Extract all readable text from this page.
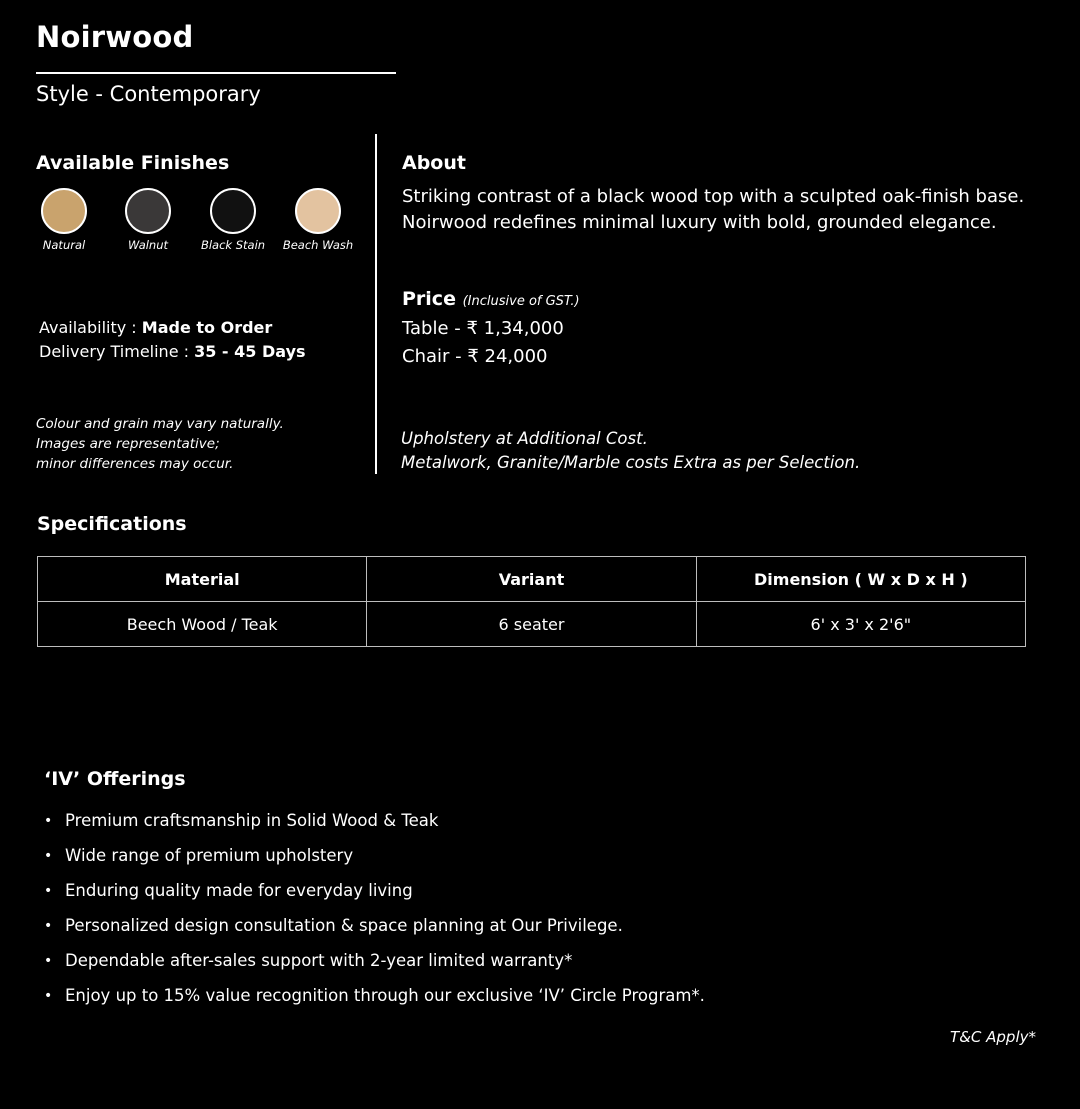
Noirwood
Style - Contemporary
Available Finishes
Natural	Walnut	Black Stain	Beach Wash
Availability : Made to Order
Delivery Timeline : 35 - 45 Days
Colour and grain may vary naturally.
Images are representative;
minor differences may occur.
About
Striking contrast of a black wood top with a sculpted oak-finish base. Noirwood redefines minimal luxury with bold, grounded elegance.
Price (Inclusive of GST.)
Table - ₹ 1,34,000
Chair - ₹ 24,000
Upholstery at Additional Cost.
Metalwork, Granite/Marble costs Extra as per Selection.
Specifications
Material	Variant	Dimension ( W x D x H )
Beech Wood / Teak	6 seater	6' x 3' x 2'6"
‘IV’ Offerings
• Premium craftsmanship in Solid Wood & Teak
• Wide range of premium upholstery
• Enduring quality made for everyday living
• Personalized design consultation & space planning at Our Privilege.
• Dependable after-sales support with 2-year limited warranty*
• Enjoy up to 15% value recognition through our exclusive ‘IV’ Circle Program*.
T&C Apply*
